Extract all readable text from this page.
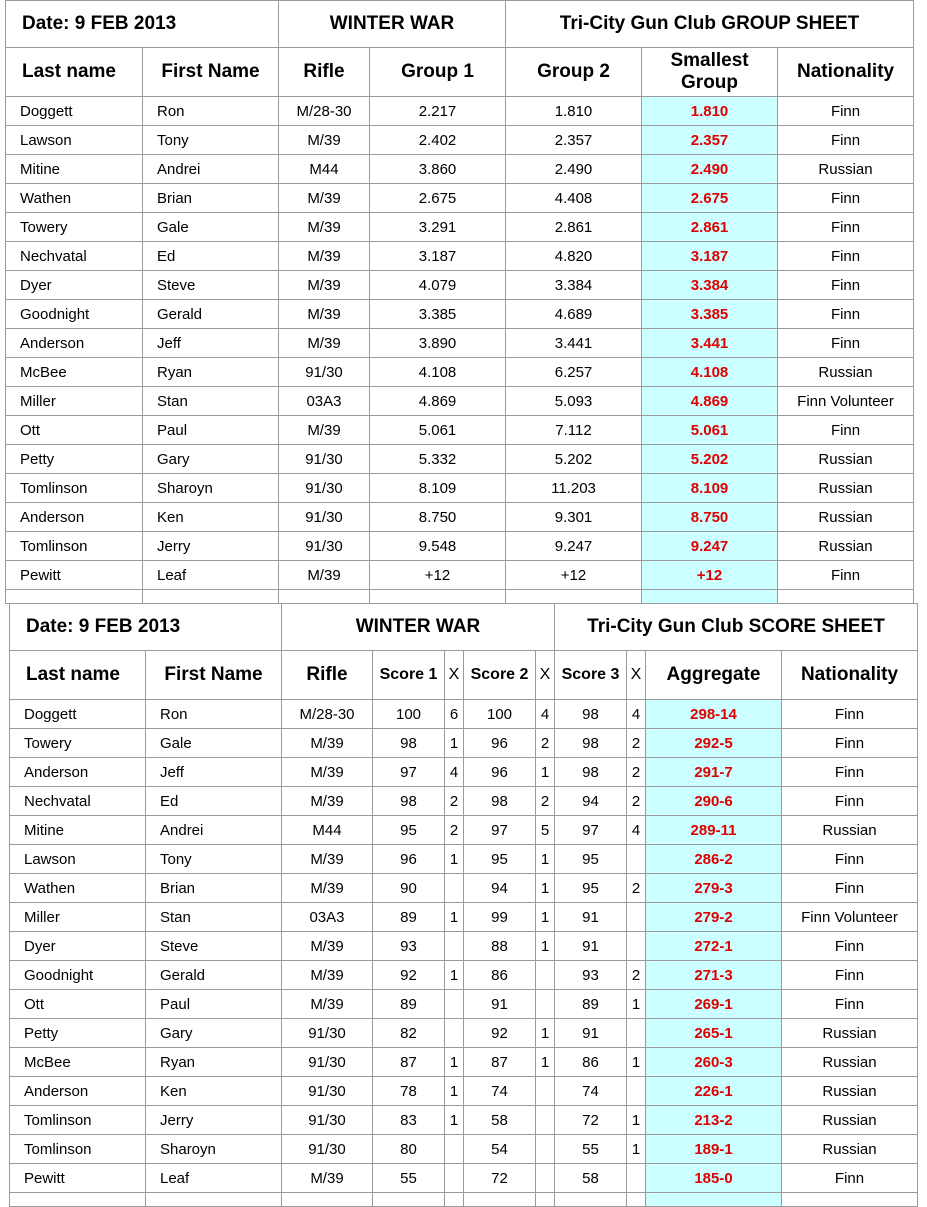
Date: 9 FEB 2013		WINTER WAR		Tri-City Gun Club GROUP SHEET		
Last name	First Name	Rifle	Group 1	Group 2	Smallest Group	Nationality
Doggett	Ron	M/28-30	2.217	1.810	1.810	Finn
Lawson	Tony	M/39	2.402	2.357	2.357	Finn
Mitine	Andrei	M44	3.860	2.490	2.490	Russian
Wathen	Brian	M/39	2.675	4.408	2.675	Finn
Towery	Gale	M/39	3.291	2.861	2.861	Finn
Nechvatal	Ed	M/39	3.187	4.820	3.187	Finn
Dyer	Steve	M/39	4.079	3.384	3.384	Finn
Goodnight	Gerald	M/39	3.385	4.689	3.385	Finn
Anderson	Jeff	M/39	3.890	3.441	3.441	Finn
McBee	Ryan	91/30	4.108	6.257	4.108	Russian
Miller	Stan	03A3	4.869	5.093	4.869	Finn Volunteer
Ott	Paul	M/39	5.061	7.112	5.061	Finn
Petty	Gary	91/30	5.332	5.202	5.202	Russian
Tomlinson	Sharoyn	91/30	8.109	11.203	8.109	Russian
Anderson	Ken	91/30	8.750	9.301	8.750	Russian
Tomlinson	Jerry	91/30	9.548	9.247	9.247	Russian
Pewitt	Leaf	M/39	+12	+12	+12	Finn

Date: 9 FEB 2013		WINTER WAR					Tri-City Gun Club SCORE SHEET			
Last name	First Name	Rifle	Score 1	X	Score 2	X	Score 3	X	Aggregate	Nationality
Doggett	Ron	M/28-30	100	6	100	4	98	4	298-14	Finn
Towery	Gale	M/39	98	1	96	2	98	2	292-5	Finn
Anderson	Jeff	M/39	97	4	96	1	98	2	291-7	Finn
Nechvatal	Ed	M/39	98	2	98	2	94	2	290-6	Finn
Mitine	Andrei	M44	95	2	97	5	97	4	289-11	Russian
Lawson	Tony	M/39	96	1	95	1	95		286-2	Finn
Wathen	Brian	M/39	90		94	1	95	2	279-3	Finn
Miller	Stan	03A3	89	1	99	1	91		279-2	Finn Volunteer
Dyer	Steve	M/39	93		88	1	91		272-1	Finn
Goodnight	Gerald	M/39	92	1	86		93	2	271-3	Finn
Ott	Paul	M/39	89		91		89	1	269-1	Finn
Petty	Gary	91/30	82		92	1	91		265-1	Russian
McBee	Ryan	91/30	87	1	87	1	86	1	260-3	Russian
Anderson	Ken	91/30	78	1	74		74		226-1	Russian
Tomlinson	Jerry	91/30	83	1	58		72	1	213-2	Russian
Tomlinson	Sharoyn	91/30	80		54		55	1	189-1	Russian
Pewitt	Leaf	M/39	55		72		58		185-0	Finn
